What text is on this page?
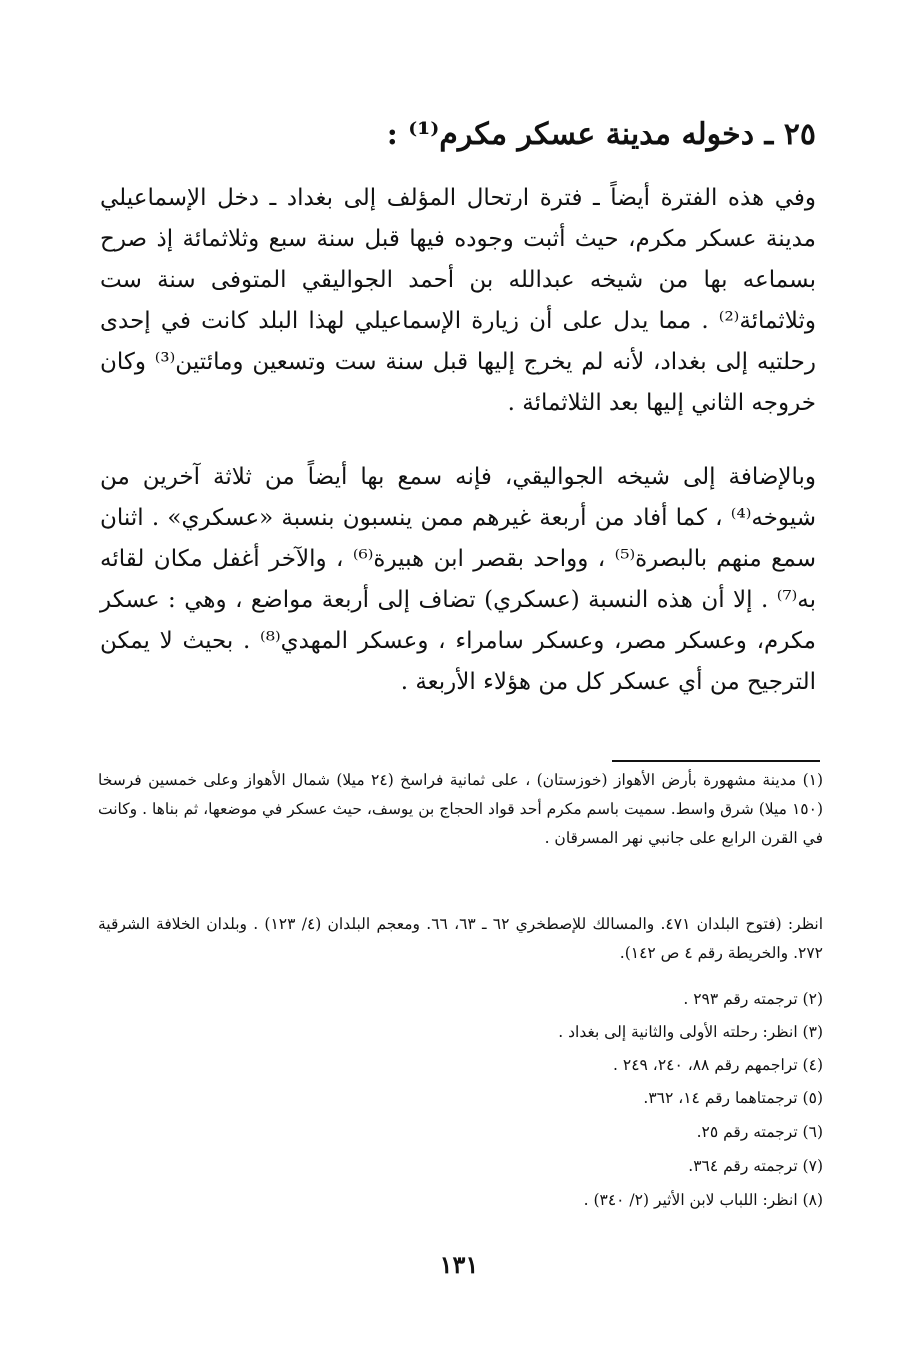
٢٥ ـ دخوله مدينة عسكر مكرم⁽¹⁾ :
وفي هذه الفترة أيضاً ـ فترة ارتحال المؤلف إلى بغداد ـ دخل الإسماعيلي مدينة عسكر مكرم، حيث أثبت وجوده فيها قبل سنة سبع وثلاثمائة إذ صرح بسماعه بها من شيخه عبدالله بن أحمد الجواليقي المتوفى سنة ست وثلاثمائة⁽²⁾ . مما يدل على أن زيارة الإسماعيلي لهذا البلد كانت في إحدى رحلتيه إلى بغداد، لأنه لم يخرج إليها قبل سنة ست وتسعين ومائتين⁽³⁾ وكان خروجه الثاني إليها بعد الثلاثمائة .
وبالإضافة إلى شيخه الجواليقي، فإنه سمع بها أيضاً من ثلاثة آخرين من شيوخه⁽⁴⁾ ، كما أفاد من أربعة غيرهم ممن ينسبون بنسبة «عسكري» . اثنان سمع منهم بالبصرة⁽⁵⁾ ، وواحد بقصر ابن هبيرة⁽⁶⁾ ، والآخر أغفل مكان لقائه به⁽⁷⁾ . إلا أن هذه النسبة (عسكري) تضاف إلى أربعة مواضع ، وهي : عسكر مكرم، وعسكر مصر، وعسكر سامراء ، وعسكر المهدي⁽⁸⁾ . بحيث لا يمكن الترجيح من أي عسكر كل من هؤلاء الأربعة .
(١) مدينة مشهورة بأرض الأهواز (خوزستان) ، على ثمانية فراسخ (٢٤ ميلا) شمال الأهواز وعلى خمسين فرسخا (١٥٠ ميلا) شرق واسط. سميت باسم مكرم أحد قواد الحجاج بن يوسف، حيث عسكر في موضعها، ثم بناها . وكانت في القرن الرابع على جانبي نهر المسرقان .
انظر: (فتوح البلدان ٤٧١. والمسالك للإصطخري ٦٢ ـ ٦٣، ٦٦. ومعجم البلدان (٤/ ١٢٣) . وبلدان الخلافة الشرقية ٢٧٢. والخريطة رقم ٤ ص ١٤٢).
(٢) ترجمته رقم ٢٩٣ .
(٣) انظر: رحلته الأولى والثانية إلى بغداد .
(٤) تراجمهم رقم ٨٨، ٢٤٠، ٢٤٩ .
(٥) ترجمتاهما رقم ١٤، ٣٦٢.
(٦) ترجمته رقم ٢٥.
(٧) ترجمته رقم ٣٦٤.
(٨) انظر: اللباب لابن الأثير (٢/ ٣٤٠) .
١٣١
